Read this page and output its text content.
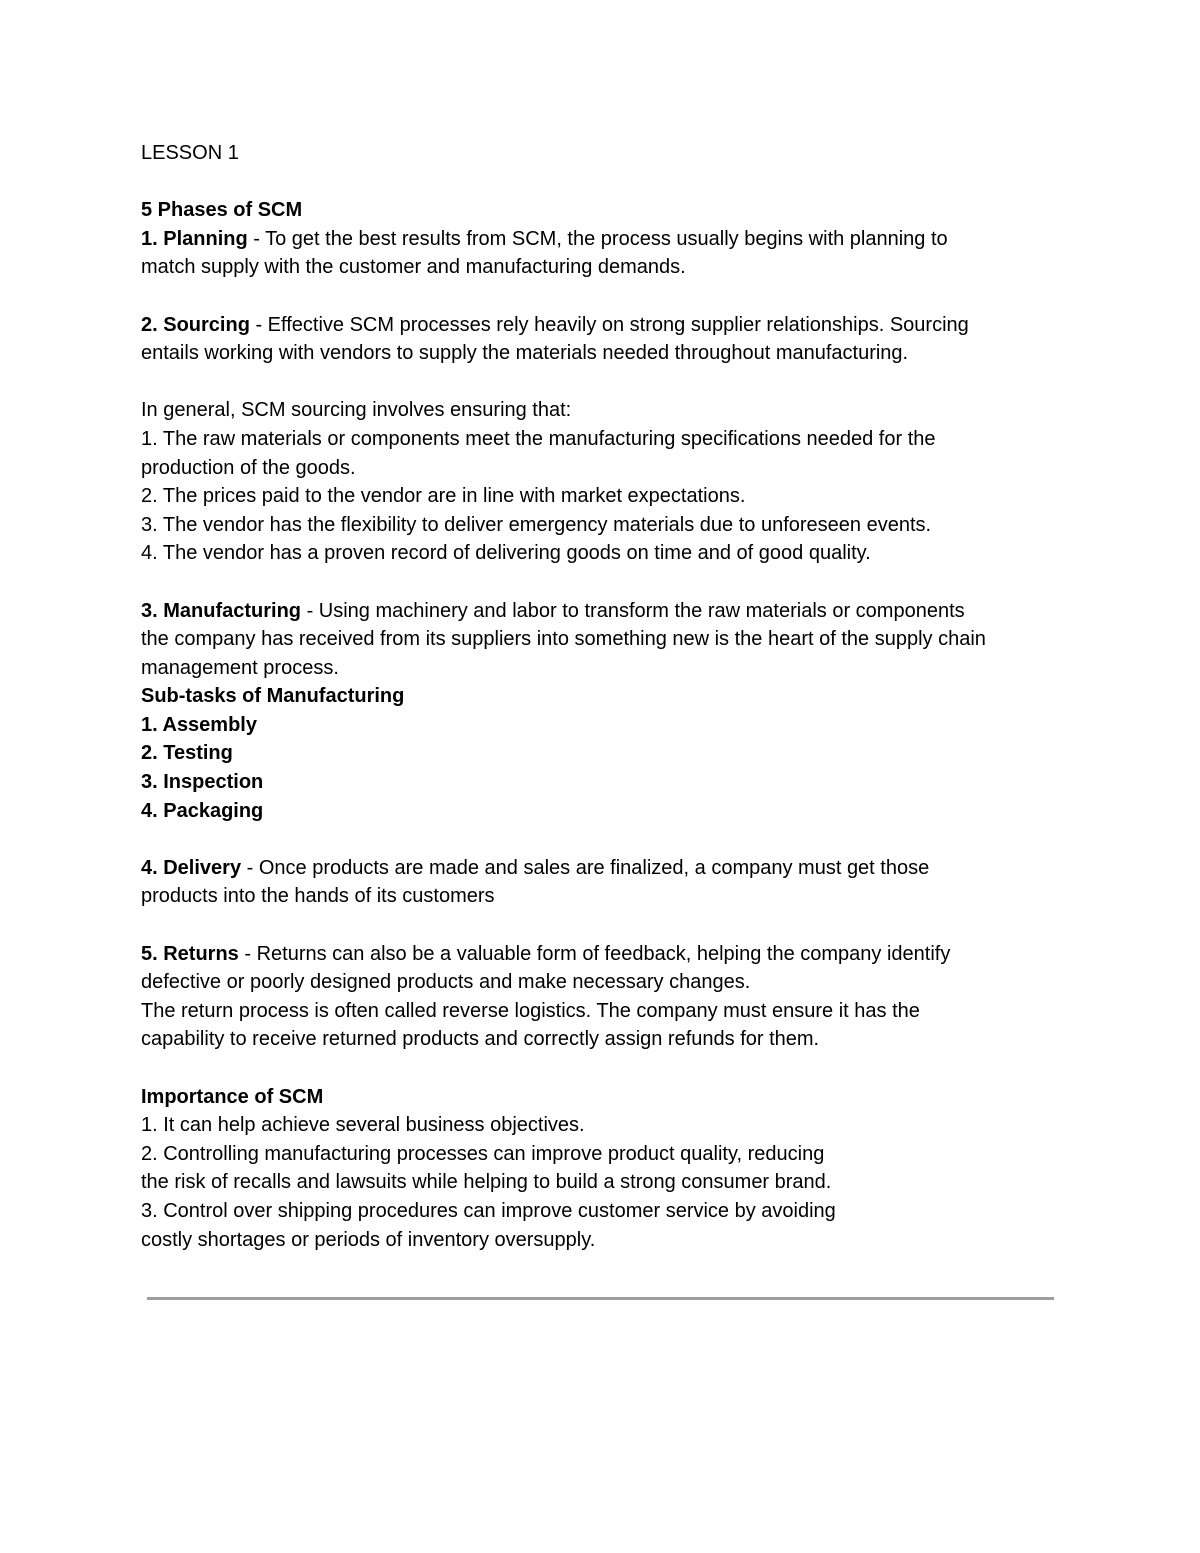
LESSON 1
5 Phases of SCM
1. Planning - To get the best results from SCM, the process usually begins with planning to
match supply with the customer and manufacturing demands.
2. Sourcing - Effective SCM processes rely heavily on strong supplier relationships. Sourcing
entails working with vendors to supply the materials needed throughout manufacturing.
In general, SCM sourcing involves ensuring that:
1. The raw materials or components meet the manufacturing specifications needed for the
production of the goods.
2. The prices paid to the vendor are in line with market expectations.
3. The vendor has the flexibility to deliver emergency materials due to unforeseen events.
4. The vendor has a proven record of delivering goods on time and of good quality.
3. Manufacturing - Using machinery and labor to transform the raw materials or components
the company has received from its suppliers into something new is the heart of the supply chain
management process.
Sub-tasks of Manufacturing
1. Assembly
2. Testing
3. Inspection
4. Packaging
4. Delivery - Once products are made and sales are finalized, a company must get those
products into the hands of its customers
5. Returns - Returns can also be a valuable form of feedback, helping the company identify
defective or poorly designed products and make necessary changes.
The return process is often called reverse logistics. The company must ensure it has the
capability to receive returned products and correctly assign refunds for them.
Importance of SCM
1. It can help achieve several business objectives.
2. Controlling manufacturing processes can improve product quality, reducing
the risk of recalls and lawsuits while helping to build a strong consumer brand.
3. Control over shipping procedures can improve customer service by avoiding
costly shortages or periods of inventory oversupply.
